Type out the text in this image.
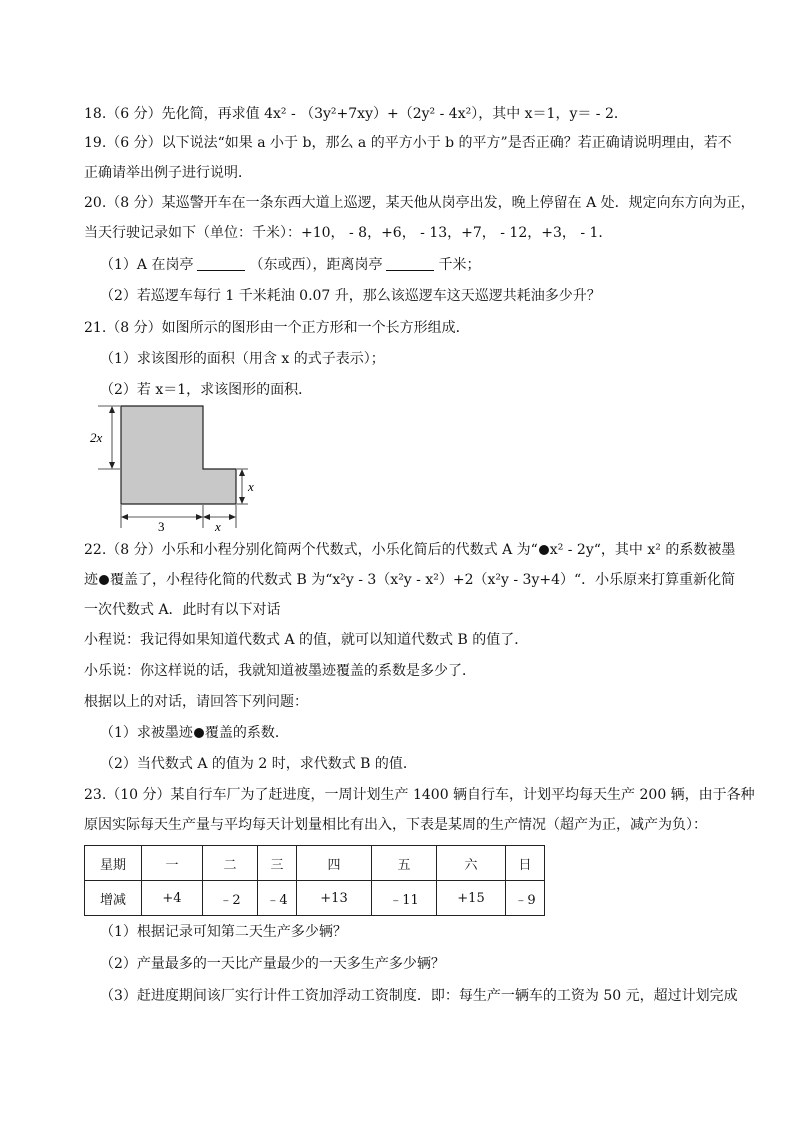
18.（6 分）先化简，再求值 4x² - （3y²+7xy）+（2y² - 4x²），其中 x＝1，y＝ - 2．
19.（6 分）以下说法“如果 a 小于 b，那么 a 的平方小于 b 的平方”是否正确？若正确请说明理由，若不
正确请举出例子进行说明．
20.（8 分）某巡警开车在一条东西大道上巡逻，某天他从岗亭出发，晚上停留在 A 处．规定向东方向为正，
当天行驶记录如下（单位：千米）：+10， - 8，+6， - 13，+7， - 12，+3， - 1．
（1）A 在岗亭	（东或西），距离岗亭	千米；
（2）若巡逻车每行 1 千米耗油 0.07 升，那么该巡逻车这天巡逻共耗油多少升？
21.（8 分）如图所示的图形由一个正方形和一个长方形组成．
（1）求该图形的面积（用含 x 的式子表示）；
（2）若 x＝1，求该图形的面积．
2x
x
3	x
22.（8 分）小乐和小程分别化简两个代数式，小乐化简后的代数式 A 为“ x² - 2y“，其中 x² 的系数被墨
迹 覆盖了，小程待化简的代数式 B 为“x²y - 3（x²y - x²）+2（x²y - 3y+4）“．小乐原来打算重新化简
一次代数式 A．此时有以下对话
小程说：我记得如果知道代数式 A 的值，就可以知道代数式 B 的值了．
小乐说：你这样说的话，我就知道被墨迹覆盖的系数是多少了．
根据以上的对话，请回答下列问题：
（1）求被墨迹 覆盖的系数．
（2）当代数式 A 的值为 2 时，求代数式 B 的值．
23.（10 分）某自行车厂为了赶进度，一周计划生产 1400 辆自行车，计划平均每天生产 200 辆，由于各种
原因实际每天生产量与平均每天计划量相比有出入，下表是某周的生产情况（超产为正，减产为负）：
星期	一	二	三	四	五	六	日
增减	+4	﹣2	﹣4	+13	﹣11	+15	﹣9
（1）根据记录可知第二天生产多少辆？
（2）产量最多的一天比产量最少的一天多生产多少辆？
（3）赶进度期间该厂实行计件工资加浮动工资制度．即：每生产一辆车的工资为 50 元，超过计划完成
